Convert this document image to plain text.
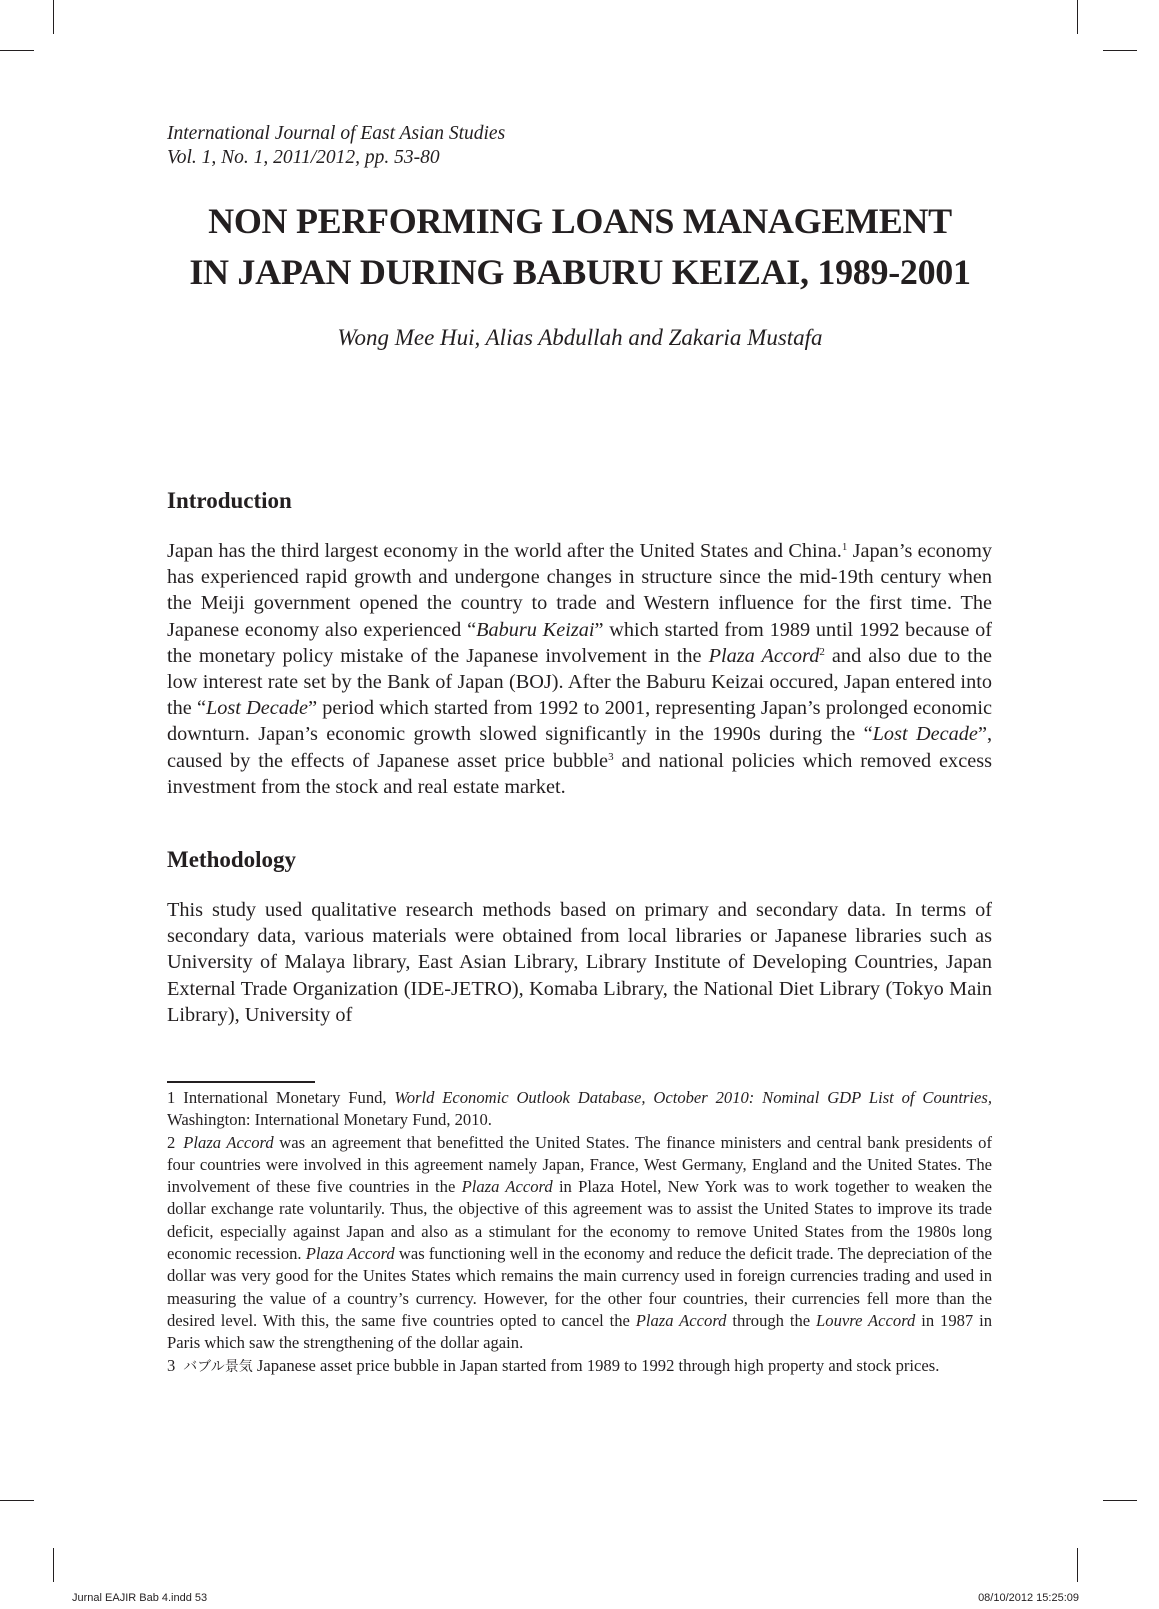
International Journal of East Asian Studies
Vol. 1, No. 1, 2011/2012, pp. 53-80
NON PERFORMING LOANS MANAGEMENT
IN JAPAN DURING BABURU KEIZAI, 1989-2001
Wong Mee Hui, Alias Abdullah and Zakaria Mustafa
Introduction

Japan has the third largest economy in the world after the United States and China.$^1$ Japan’s economy has experienced rapid growth and undergone changes in structure since the mid-19th century when the Meiji government opened the country to trade and Western influence for the first time. The Japanese economy also experienced “Baburu Keizai” which started from 1989 until 1992 because of the monetary policy mistake of the Japanese involvement in the Plaza Accord$^2$ and also due to the low interest rate set by the Bank of Japan (BOJ). After the Baburu Keizai occured, Japan entered into the “Lost Decade” period which started from 1992 to 2001, representing Japan’s prolonged economic downturn. Japan’s economic growth slowed significantly in the 1990s during the “Lost Decade”, caused by the effects of Japanese asset price bubble$^3$ and national policies which removed excess investment from the stock and real estate market.

Methodology

This study used qualitative research methods based on primary and secondary data. In terms of secondary data, various materials were obtained from local libraries or Japanese libraries such as University of Malaya library, East Asian Library, Library Institute of Developing Countries, Japan External Trade Organization (IDE-JETRO), Komaba Library, the National Diet Library (Tokyo Main Library), University of

1 International Monetary Fund, World Economic Outlook Database, October 2010: Nominal GDP List of Countries, Washington: International Monetary Fund, 2010.

2 Plaza Accord was an agreement that benefitted the United States. The finance ministers and central bank presidents of four countries were involved in this agreement namely Japan, France, West Germany, England and the United States. The involvement of these five countries in the Plaza Accord in Plaza Hotel, New York was to work together to weaken the dollar exchange rate voluntarily. Thus, the objective of this agreement was to assist the United States to improve its trade deficit, especially against Japan and also as a stimulant for the economy to remove United States from the 1980s long economic recession. Plaza Accord was functioning well in the economy and reduce the deficit trade. The depreciation of the dollar was very good for the Unites States which remains the main currency used in foreign currencies trading and used in measuring the value of a country’s currency. However, for the other four countries, their currencies fell more than the desired level. With this, the same five countries opted to cancel the Plaza Accord through the Louvre Accord in 1987 in Paris which saw the strengthening of the dollar again.

3 バブル景気 Japanese asset price bubble in Japan started from 1989 to 1992 through high property and stock prices.

Jurnal EAJIR Bab 4.indd 53	08/10/2012 15:25:09
